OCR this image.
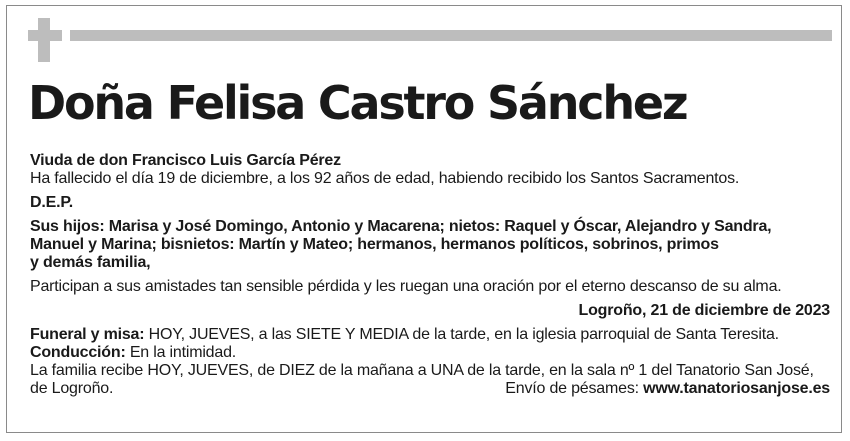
Doña Felisa Castro Sánchez

Viuda de don Francisco Luis García Pérez

Ha fallecido el día 19 de diciembre, a los 92 años de edad, habiendo recibido los Santos Sacramentos.

D.E.P.

Sus hijos: Marisa y José Domingo, Antonio y Macarena; nietos: Raquel y Óscar, Alejandro y Sandra,

Manuel y Marina; bisnietos: Martín y Mateo; hermanos, hermanos políticos, sobrinos, primos

y demás familia,

Participan a sus amistades tan sensible pérdida y les ruegan una oración por el eterno descanso de su alma.

Logroño, 21 de diciembre de 2023

Funeral y misa: HOY, JUEVES, a las SIETE Y MEDIA de la tarde, en la iglesia parroquial de Santa Teresita.

Conducción: En la intimidad.

La familia recibe HOY, JUEVES, de DIEZ de la mañana a UNA de la tarde, en la sala nº 1 del Tanatorio San José,

de Logroño.	Envío de pésames: www.tanatoriosanjose.es
